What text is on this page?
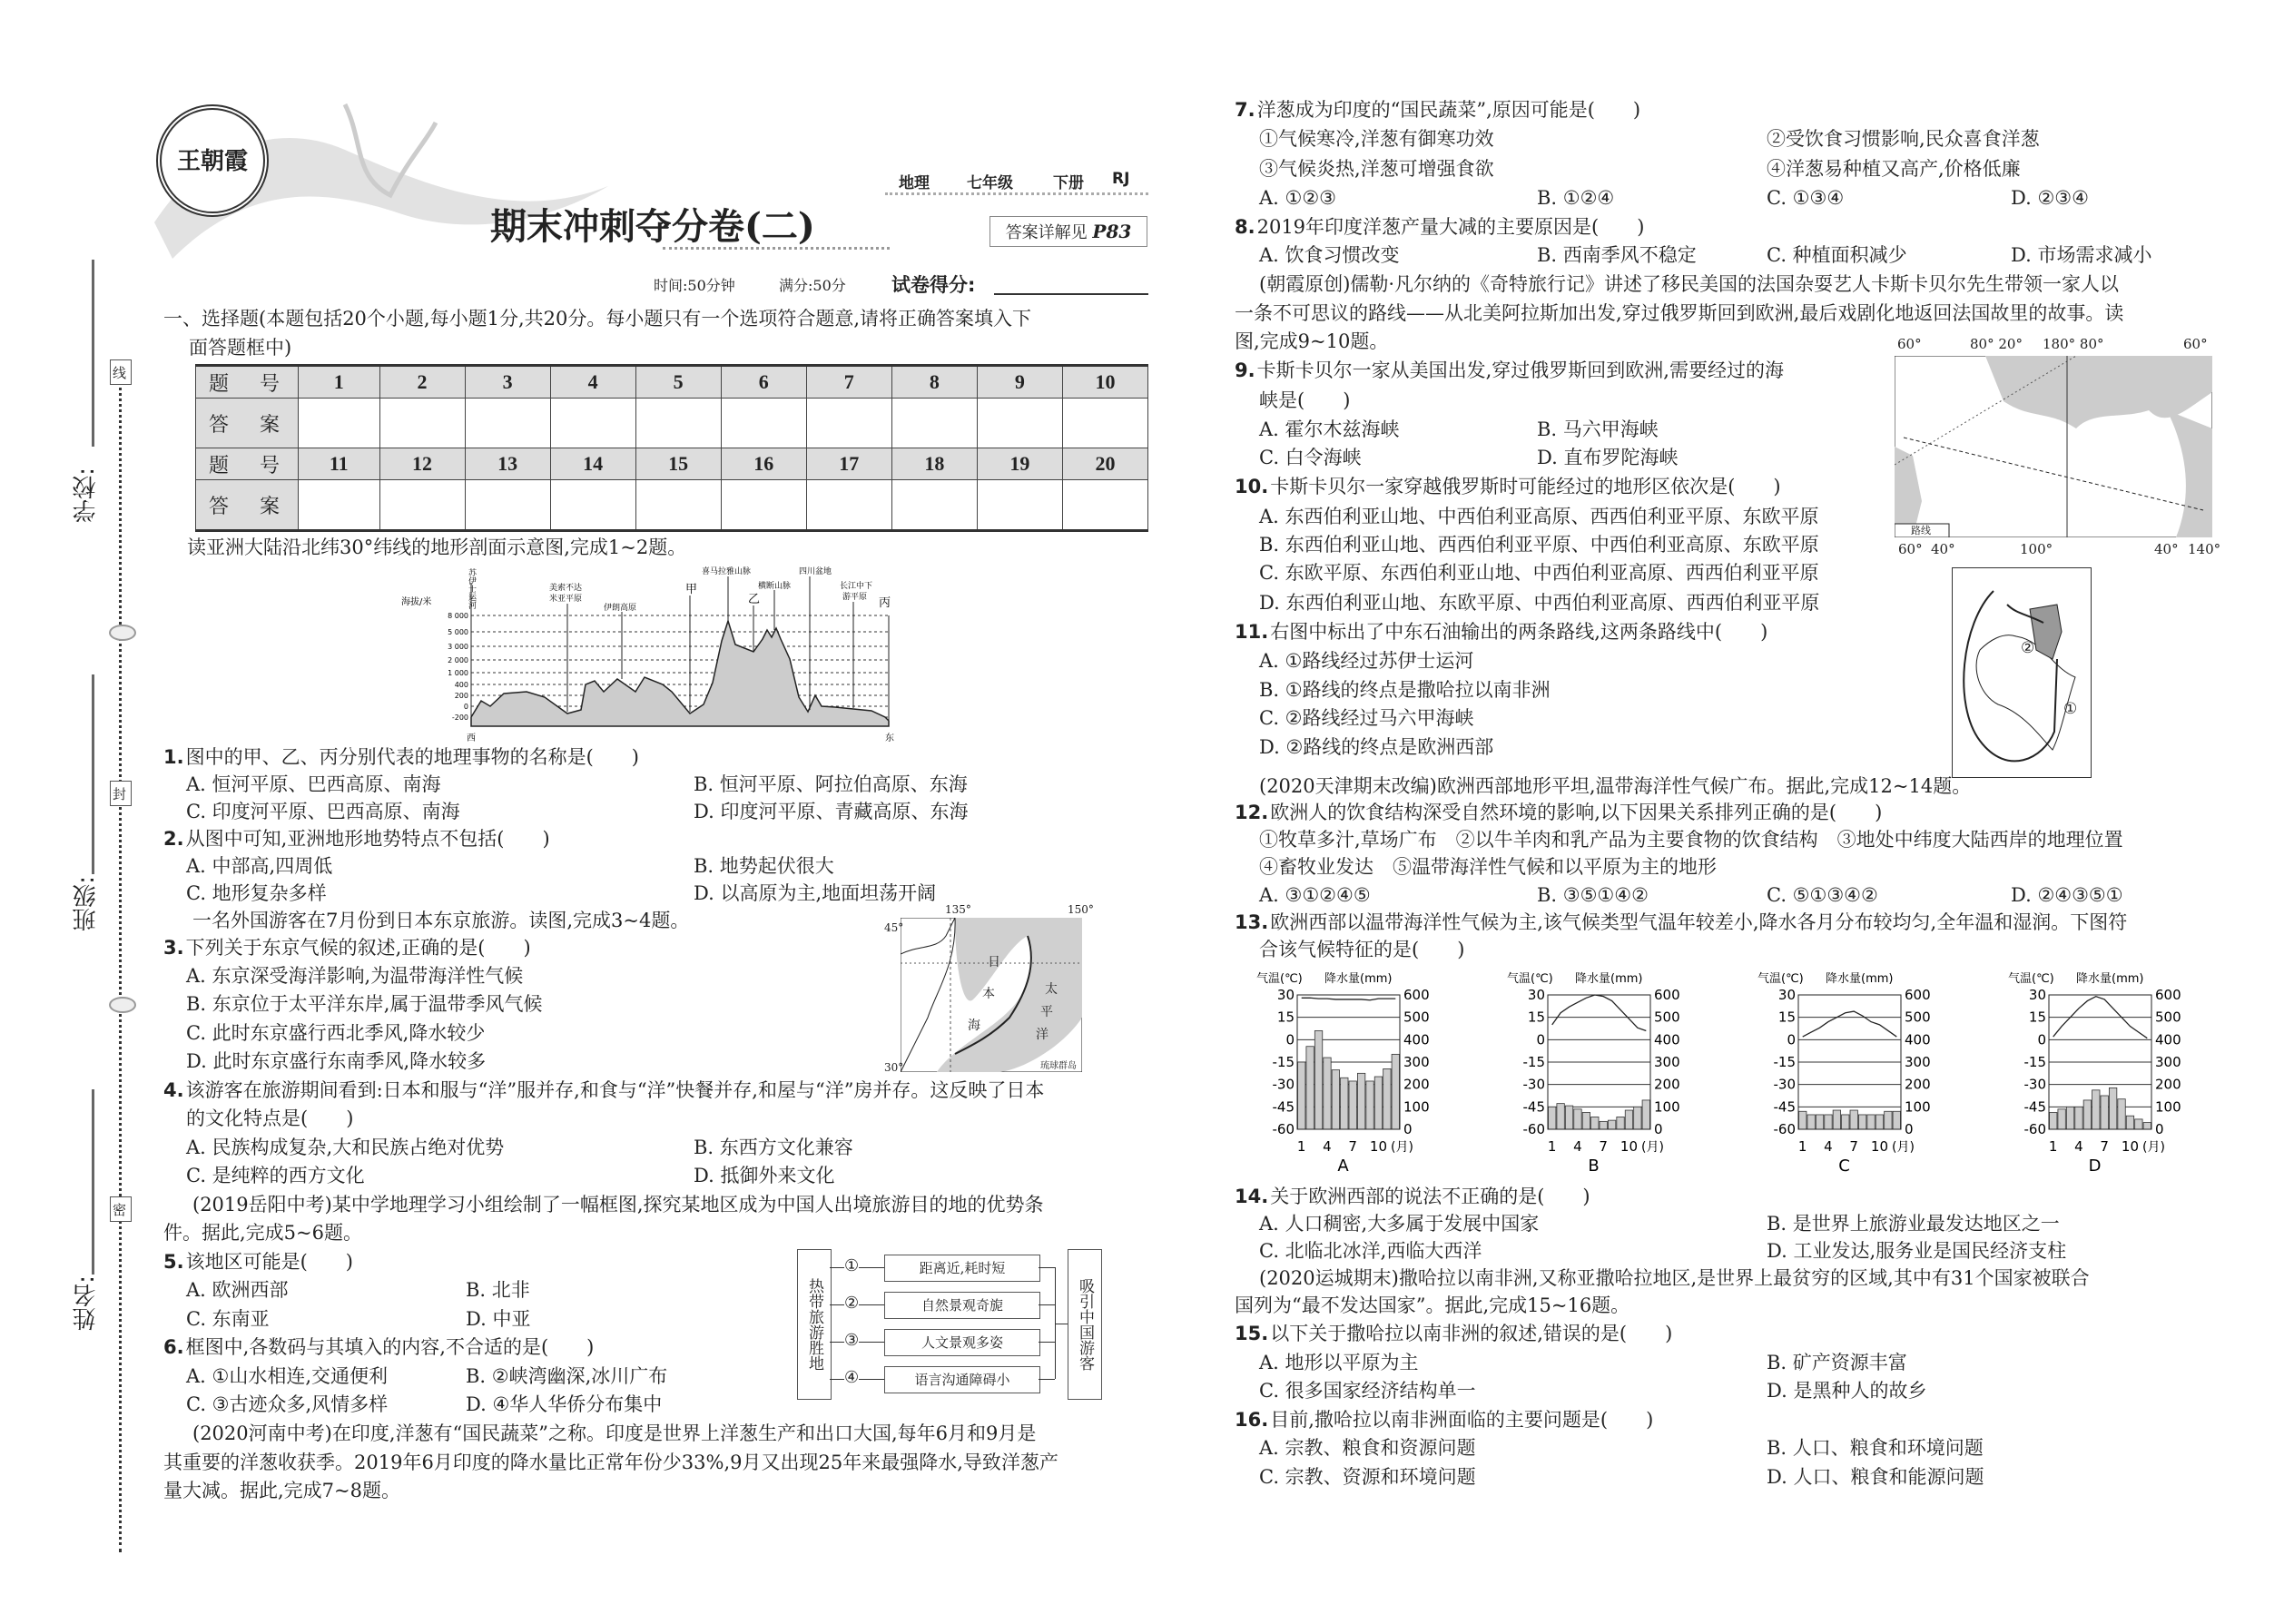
线
封
密
学校:
班级:
姓名:
王朝霞
地理 七年级	下册 RJ
期末冲刺夺分卷(二)	答案详解见 P83
时间:50分钟	满分:50分 试卷得分:
题　号	1	2	3	4	5	6	7	8	9	10
答　案										
题　号	11	12	13	14	15	16	17	18	19	20
答　案										
8 000
5 000
3 000
2 000
1 000
400
200
0
-200
海拔/米
西	东
苏伊士运河	美索不达
米亚平原
伊朗高原
甲
喜马拉雅山脉
乙
横断山脉
四川盆地
长江中下
游平原 丙
135°	150°
45°
30°
日
本
海
太
平
洋
琉球群岛
热带旅游胜地	吸引中国游客
①	距离近,耗时短
②	自然景观奇旎
③	人文景观多姿
④	语言沟通障碍小
60°	80° 20° 180° 80°	60°
路线
60° 40°	100°	40° 140°
①
②
气温(℃) 降水量(mm)
30	600
15	500
0	400
-15	300
-30	200
-45	100
-60	0
1 4 7 10 (月)
A
气温(℃) 降水量(mm)
30	600
15	500
0	400
-15	300
-30	200
-45	100
-60	0
1 4 7 10 (月)
B
气温(℃) 降水量(mm)
30	600
15	500
0	400
-15	300
-30	200
-45	100
-60	0
1 4 7 10 (月)
C
气温(℃) 降水量(mm)
30	600
15	500
0	400
-15	300
-30	200
-45	100
-60	0
1 4 7 10 (月)
D
一、选择题(本题包括20个小题,每小题1分,共20分。每小题只有一个选项符合题意,请将正确答案填入下
面答题框中)
读亚洲大陆沿北纬30°纬线的地形剖面示意图,完成1~2题。
1.图中的甲、乙、丙分别代表的地理事物的名称是(　　)
A. 恒河平原、巴西高原、南海	B. 恒河平原、阿拉伯高原、东海
C. 印度河平原、巴西高原、南海	D. 印度河平原、青藏高原、东海
2.从图中可知,亚洲地形地势特点不包括(　　)
A. 中部高,四周低	B. 地势起伏很大
C. 地形复杂多样	D. 以高原为主,地面坦荡开阔
一名外国游客在7月份到日本东京旅游。读图,完成3~4题。
3.下列关于东京气候的叙述,正确的是(　　)
A. 东京深受海洋影响,为温带海洋性气候
B. 东京位于太平洋东岸,属于温带季风气候
C. 此时东京盛行西北季风,降水较少
D. 此时东京盛行东南季风,降水较多
4.该游客在旅游期间看到:日本和服与“洋”服并存,和食与“洋”快餐并存,和屋与“洋”房并存。这反映了日本
的文化特点是(　　)
A. 民族构成复杂,大和民族占绝对优势	B. 东西方文化兼容
C. 是纯粹的西方文化	D. 抵御外来文化
(2019岳阳中考)某中学地理学习小组绘制了一幅框图,探究某地区成为中国人出境旅游目的地的优势条
件。据此,完成5~6题。
5.该地区可能是(　　)
A. 欧洲西部	B. 北非
C. 东南亚	D. 中亚
6.框图中,各数码与其填入的内容,不合适的是(　　)
A. ①山水相连,交通便利	B. ②峡湾幽深,冰川广布
C. ③古迹众多,风情多样	D. ④华人华侨分布集中
(2020河南中考)在印度,洋葱有“国民蔬菜”之称。印度是世界上洋葱生产和出口大国,每年6月和9月是
其重要的洋葱收获季。2019年6月印度的降水量比正常年份少33%,9月又出现25年来最强降水,导致洋葱产
量大减。据此,完成7~8题。
7.洋葱成为印度的“国民蔬菜”,原因可能是(　　)
①气候寒冷,洋葱有御寒功效	②受饮食习惯影响,民众喜食洋葱
③气候炎热,洋葱可增强食欲	④洋葱易种植又高产,价格低廉
A. ①②③	B. ①②④	C. ①③④	D. ②③④
8.2019年印度洋葱产量大减的主要原因是(　　)
A. 饮食习惯改变	B. 西南季风不稳定	C. 种植面积减少	D. 市场需求减小
(朝霞原创)儒勒·凡尔纳的《奇特旅行记》讲述了移民美国的法国杂耍艺人卡斯卡贝尔先生带领一家人以
一条不可思议的路线——从北美阿拉斯加出发,穿过俄罗斯回到欧洲,最后戏剧化地返回法国故里的故事。读
图,完成9~10题。
9.卡斯卡贝尔一家从美国出发,穿过俄罗斯回到欧洲,需要经过的海
峡是(　　)
A. 霍尔木兹海峡	B. 马六甲海峡
C. 白令海峡	D. 直布罗陀海峡
10.卡斯卡贝尔一家穿越俄罗斯时可能经过的地形区依次是(　　)
A. 东西伯利亚山地、中西伯利亚高原、西西伯利亚平原、东欧平原
B. 东西伯利亚山地、西西伯利亚平原、中西伯利亚高原、东欧平原
C. 东欧平原、东西伯利亚山地、中西伯利亚高原、西西伯利亚平原
D. 东西伯利亚山地、东欧平原、中西伯利亚高原、西西伯利亚平原
11.右图中标出了中东石油输出的两条路线,这两条路线中(　　)
A. ①路线经过苏伊士运河
B. ①路线的终点是撒哈拉以南非洲
C. ②路线经过马六甲海峡
D. ②路线的终点是欧洲西部
(2020天津期末改编)欧洲西部地形平坦,温带海洋性气候广布。据此,完成12~14题。
12.欧洲人的饮食结构深受自然环境的影响,以下因果关系排列正确的是(　　)
①牧草多汁,草场广布　②以牛羊肉和乳产品为主要食物的饮食结构　③地处中纬度大陆西岸的地理位置
④畜牧业发达　⑤温带海洋性气候和以平原为主的地形
A. ③①②④⑤	B. ③⑤①④②	C. ⑤①③④②	D. ②④③⑤①
13.欧洲西部以温带海洋性气候为主,该气候类型气温年较差小,降水各月分布较均匀,全年温和湿润。下图符
合该气候特征的是(　　)
14.关于欧洲西部的说法不正确的是(　　)
A. 人口稠密,大多属于发展中国家	B. 是世界上旅游业最发达地区之一
C. 北临北冰洋,西临大西洋	D. 工业发达,服务业是国民经济支柱
(2020运城期末)撒哈拉以南非洲,又称亚撒哈拉地区,是世界上最贫穷的区域,其中有31个国家被联合
国列为“最不发达国家”。据此,完成15~16题。
15.以下关于撒哈拉以南非洲的叙述,错误的是(　　)
A. 地形以平原为主	B. 矿产资源丰富
C. 很多国家经济结构单一	D. 是黑种人的故乡
16.目前,撒哈拉以南非洲面临的主要问题是(　　)
A. 宗教、粮食和资源问题	B. 人口、粮食和环境问题
C. 宗教、资源和环境问题	D. 人口、粮食和能源问题
